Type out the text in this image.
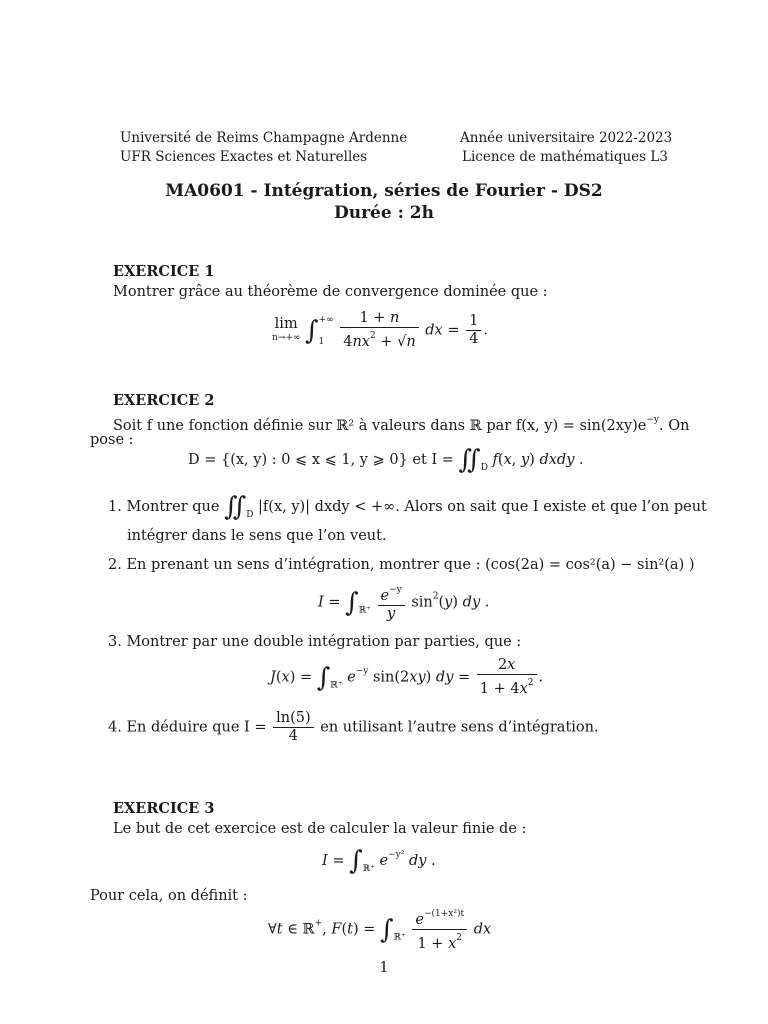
Université de Reims Champagne Ardenne
UFR Sciences Exactes et Naturelles
Année universitaire 2022-2023
Licence de mathématiques L3
MA0601 - Intégration, séries de Fourier - DS2
Durée : 2h
EXERCICE 1
Montrer grâce au théorème de convergence dominée que :
lim
n→+∞ ∫ +∞
1
	$\frac{1 + n}{4nx^2 + √n}$ dx = $\frac{1}{4}$ .
EXERCICE 2
Soit f une fonction définie sur ℝ² à valeurs dans ℝ par f(x, $y) = \sin(2xy)e^{-y}$. On
pose :
D = {(x, y) : 0 ⩽ x ⩽ 1, y ⩾ 0} et $I = ∬_D$ f(x, y) dxdy .
1. Montrer que $∬_D$ |f(x, y)| dxdy < +∞. Alors on sait que I existe et que l’on peut
intégrer dans le sens que l’on veut.
2. En prenant un sens d’intégration, montrer que : (cos(2a) = cos²(a) − sin²(a) )
$I = \int_{ℝ^+} \frac{e^{-y}}{y} \sin^2(y)$ dy .
3. Montrer par une double intégration par parties, que :
$J(x) = \int_{ℝ^+}$ $e^{-y}$ sin(2xy) dy = $\frac{2x}{1 + 4x^2}$ .
4. En déduire que $I = \frac{\ln(5)}{4}$ en utilisant l’autre sens d’intégration.
EXERCICE 3
Le but de cet exercice est de calculer la valeur finie de :
$I = \int_{ℝ^+}$ $e^{-y^2}$ dy .
Pour cela, on définit :
∀t ∈ ℝ+, $F(t) = \int_{ℝ^+} \frac{e^{-(1+x^2)t}}{1 + x^2}$ dx
1
